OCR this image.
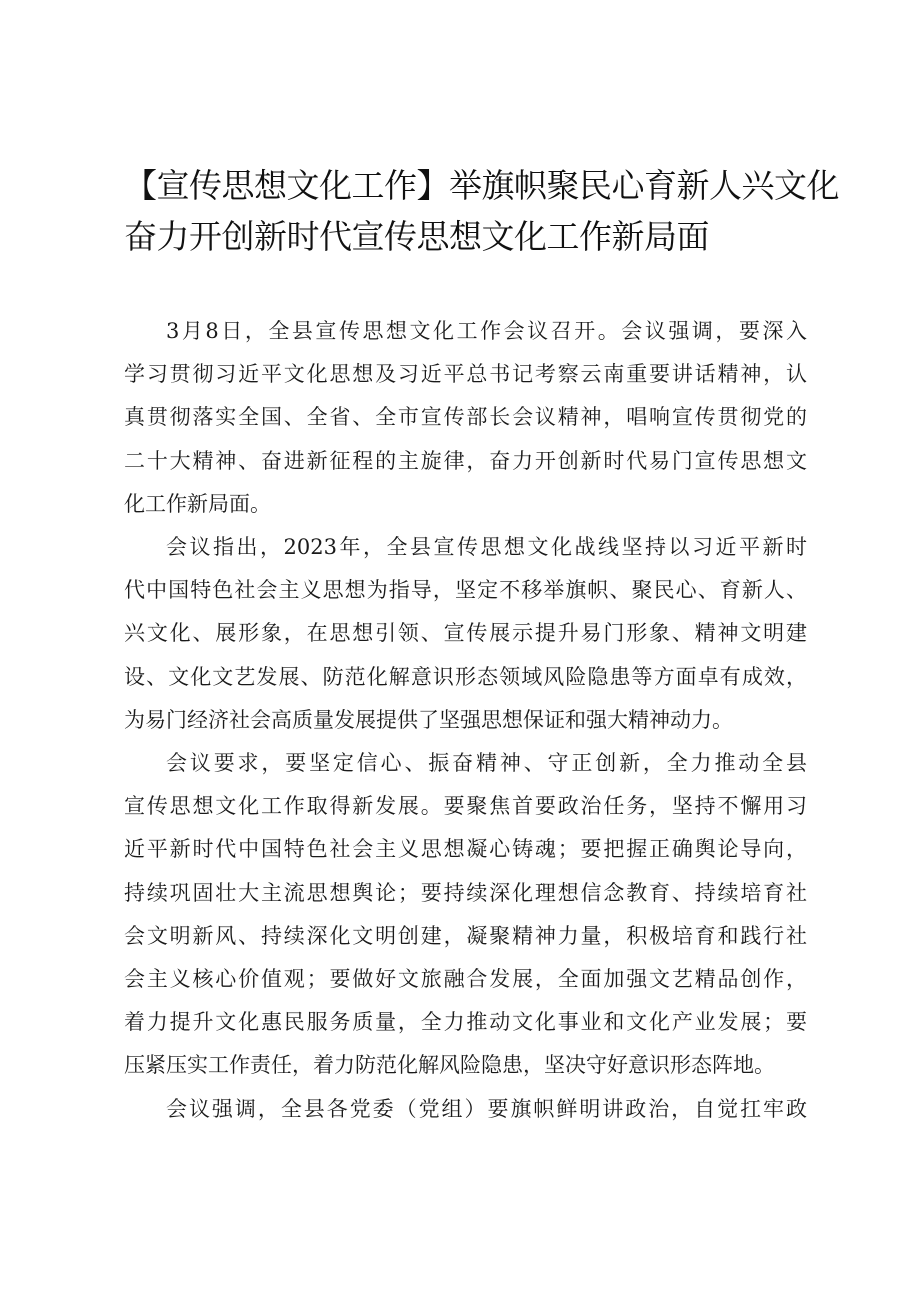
【宣传思想文化工作】举旗帜聚民心育新人兴文化
奋力开创新时代宣传思想文化工作新局面

3月8日，全县宣传思想文化工作会议召开。会议强调，要深入
学习贯彻习近平文化思想及习近平总书记考察云南重要讲话精神，认
真贯彻落实全国、全省、全市宣传部长会议精神，唱响宣传贯彻党的
二十大精神、奋进新征程的主旋律，奋力开创新时代易门宣传思想文
化工作新局面。

会议指出，2023年，全县宣传思想文化战线坚持以习近平新时
代中国特色社会主义思想为指导，坚定不移举旗帜、聚民心、育新人、
兴文化、展形象，在思想引领、宣传展示提升易门形象、精神文明建
设、文化文艺发展、防范化解意识形态领域风险隐患等方面卓有成效，
为易门经济社会高质量发展提供了坚强思想保证和强大精神动力。

会议要求，要坚定信心、振奋精神、守正创新，全力推动全县
宣传思想文化工作取得新发展。要聚焦首要政治任务，坚持不懈用习
近平新时代中国特色社会主义思想凝心铸魂；要把握正确舆论导向，
持续巩固壮大主流思想舆论；要持续深化理想信念教育、持续培育社
会文明新风、持续深化文明创建，凝聚精神力量，积极培育和践行社
会主义核心价值观；要做好文旅融合发展，全面加强文艺精品创作，
着力提升文化惠民服务质量，全力推动文化事业和文化产业发展；要
压紧压实工作责任，着力防范化解风险隐患，坚决守好意识形态阵地。

会议强调，全县各党委（党组）要旗帜鲜明讲政治，自觉扛牢政
